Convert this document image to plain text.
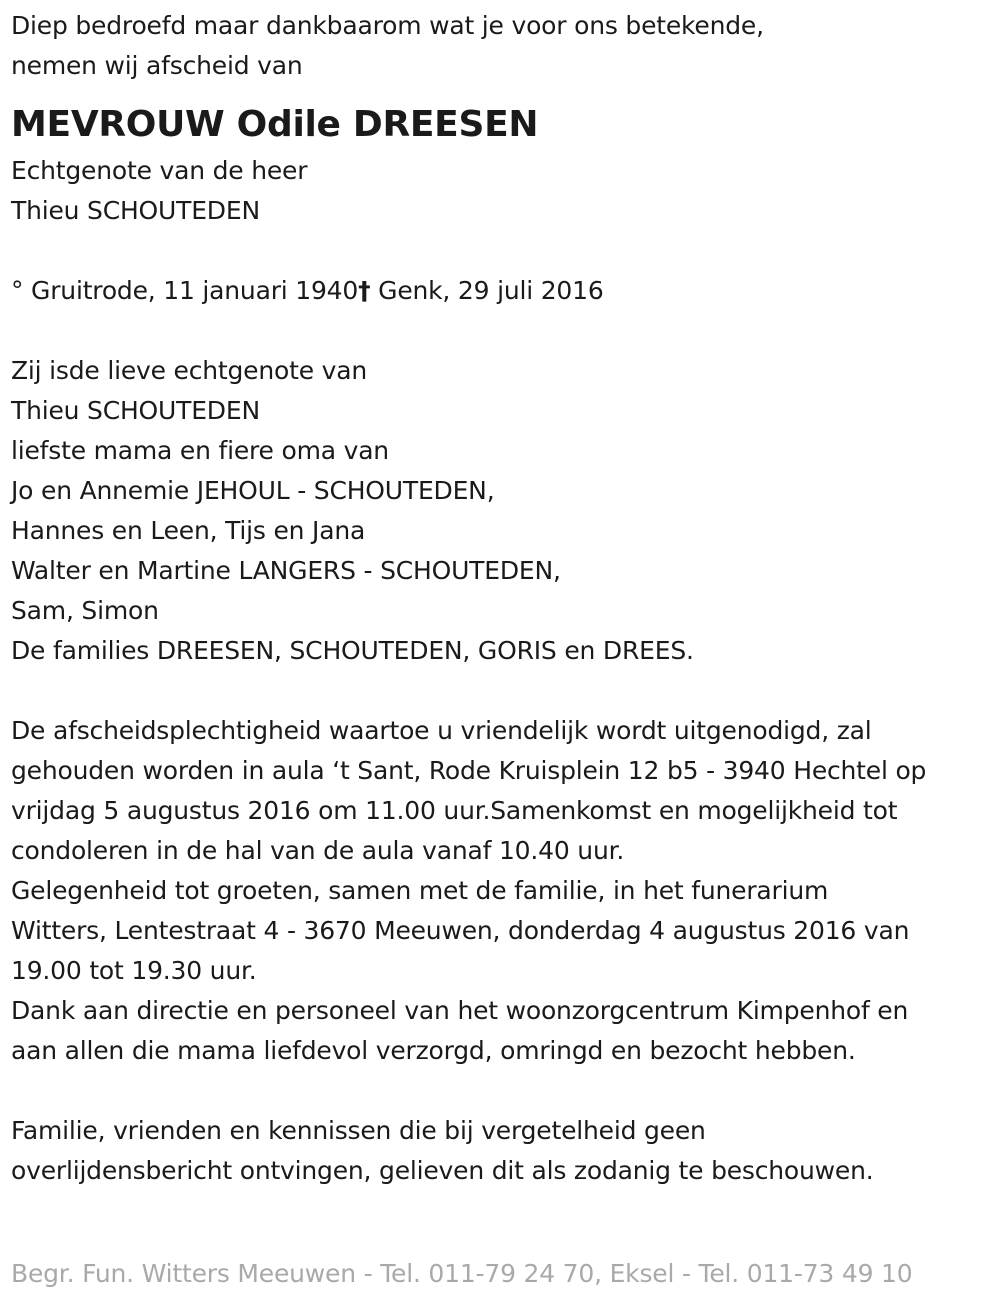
Diep bedroefd maar dankbaarom wat je voor ons betekende,
nemen wij afscheid van
MEVROUW Odile DREESEN
Echtgenote van de heer
Thieu SCHOUTEDEN
° Gruitrode, 11 januari 1940† Genk, 29 juli 2016
Zij isde lieve echtgenote van
Thieu SCHOUTEDEN
liefste mama en fiere oma van
Jo en Annemie JEHOUL - SCHOUTEDEN,
Hannes en Leen, Tijs en Jana
Walter en Martine LANGERS - SCHOUTEDEN,
Sam, Simon
De families DREESEN, SCHOUTEDEN, GORIS en DREES.
De afscheidsplechtigheid waartoe u vriendelijk wordt uitgenodigd, zal
gehouden worden in aula ‘t Sant, Rode Kruisplein 12 b5 - 3940 Hechtel op
vrijdag 5 augustus 2016 om 11.00 uur.Samenkomst en mogelijkheid tot
condoleren in de hal van de aula vanaf 10.40 uur.
Gelegenheid tot groeten, samen met de familie, in het funerarium
Witters, Lentestraat 4 - 3670 Meeuwen, donderdag 4 augustus 2016 van
19.00 tot 19.30 uur.
Dank aan directie en personeel van het woonzorgcentrum Kimpenhof en
aan allen die mama liefdevol verzorgd, omringd en bezocht hebben.
Familie, vrienden en kennissen die bij vergetelheid geen
overlijdensbericht ontvingen, gelieven dit als zodanig te beschouwen.
Begr. Fun. Witters Meeuwen - Tel. 011-79 24 70, Eksel - Tel. 011-73 49 10
